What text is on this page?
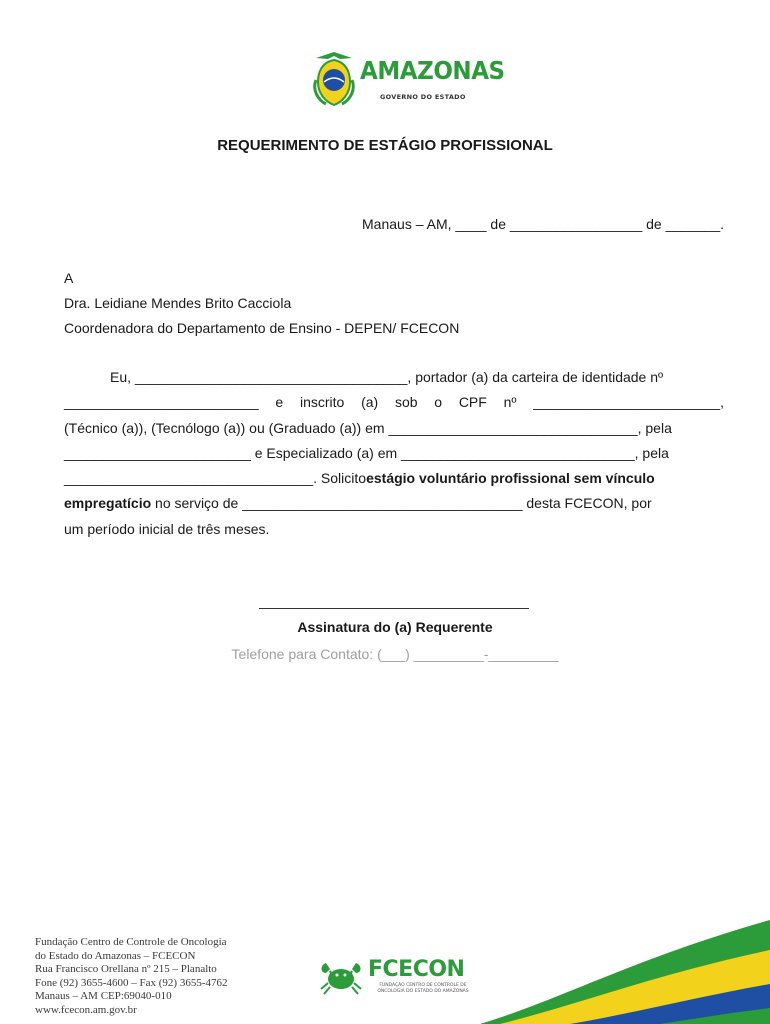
AMAZONAS
GOVERNO DO ESTADO
REQUERIMENTO DE ESTÁGIO PROFISSIONAL
Manaus – AM, ____ de _________________ de _______.
A
Dra. Leidiane Mendes Brito Cacciola
Coordenadora do Departamento de Ensino - DEPEN/ FCECON
Eu, ___________________________________, portador (a) da carteira de identidade nº
_________________________ e inscrito (a) sob o CPF nº ________________________,
(Técnico (a)), (Tecnólogo (a)) ou (Graduado (a)) em ________________________________, pela
________________________ e Especializado (a) em ______________________________, pela
________________________________. Solicito estágio voluntário profissional sem vínculo
empregatício no serviço de ____________________________________ desta FCECON, por
um período inicial de três meses.
Assinatura do (a) Requerente
Telefone para Contato: (___) _________-_________
Fundação Centro de Controle de Oncologia
do Estado do Amazonas – FCECON
Rua Francisco Orellana nº 215 – Planalto
Fone (92) 3655-4600 – Fax (92) 3655-4762
Manaus – AM CEP:69040-010
www.fcecon.am.gov.br
FCECON
FUNDAÇÃO CENTRO DE CONTROLE DE ONCOLOGIA DO ESTADO DO AMAZONAS
